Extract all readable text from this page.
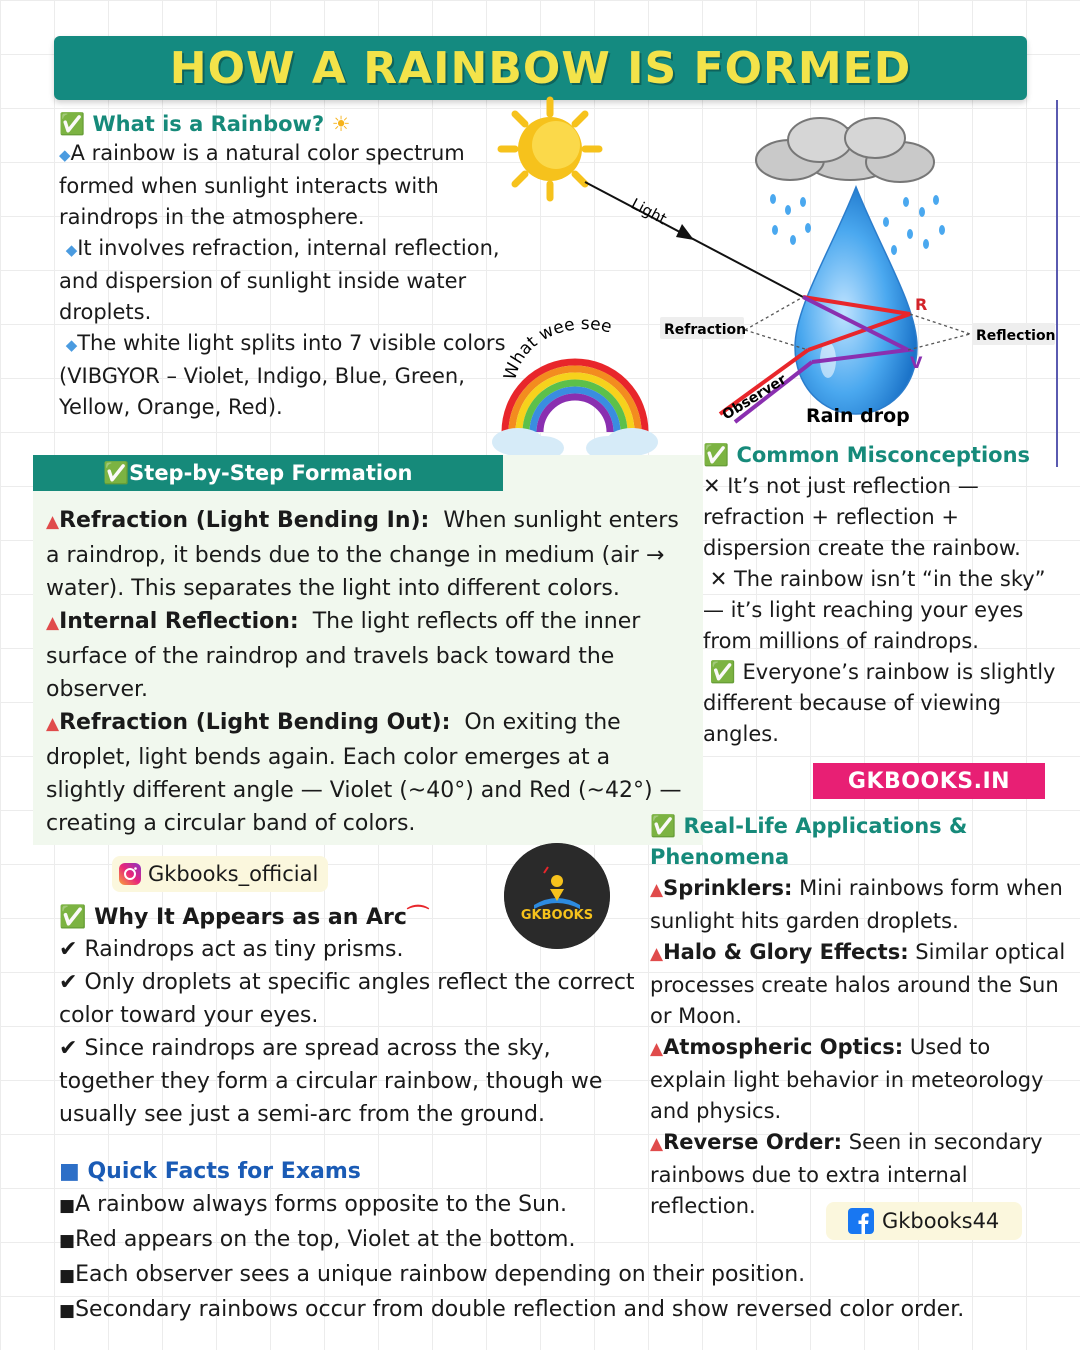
HOW A RAINBOW IS FORMED

✅ What is a Rainbow? ☀

◆A rainbow is a natural color spectrum formed when sunlight interacts with raindrops in the atmosphere.

◆It involves refraction, internal reflection, and dispersion of sunlight inside water droplets.

◆The white light splits into 7 visible colors (VIBGYOR – Violet, Indigo, Blue, Green, Yellow, Orange, Red).

Light
R
V
Refraction	Reflection
Observer Rain drop
What wee see
✅ Step-by-Step Formation

▲Refraction (Light Bending In): When sunlight enters a raindrop, it bends due to the change in medium (air → water). This separates the light into different colors.

▲Internal Reflection: The light reflects off the inner surface of the raindrop and travels back toward the observer.

▲Refraction (Light Bending Out): On exiting the droplet, light bends again. Each color emerges at a slightly different angle — Violet (~40°) and Red (~42°) — creating a circular band of colors.

✅ Common Misconceptions

✕ It’s not just reflection — refraction + reflection + dispersion create the rainbow.

✕ The rainbow isn’t “in the sky” — it’s light reaching your eyes from millions of raindrops.

✅ Everyone’s rainbow is slightly different because of viewing angles.

GKBOOKS.IN

✅ Real-Life Applications & Phenomena

▲Sprinklers: Mini rainbows form when sunlight hits garden droplets.

▲Halo & Glory Effects: Similar optical processes create halos around the Sun or Moon.

▲Atmospheric Optics: Used to explain light behavior in meteorology and physics.

▲Reverse Order: Seen in secondary rainbows due to extra internal reflection.

Gkbooks_official
GKBOOKS

✅ Why It Appears as an Arc⌒

✔ Raindrops act as tiny prisms.

✔ Only droplets at specific angles reflect the correct color toward your eyes.

✔ Since raindrops are spread across the sky, together they form a circular rainbow, though we usually see just a semi-arc from the ground.

■ Quick Facts for Exams

■A rainbow always forms opposite to the Sun.

■Red appears on the top, Violet at the bottom.

■Each observer sees a unique rainbow depending on their position.

■Secondary rainbows occur from double reflection and show reversed color order.

Gkbooks44
